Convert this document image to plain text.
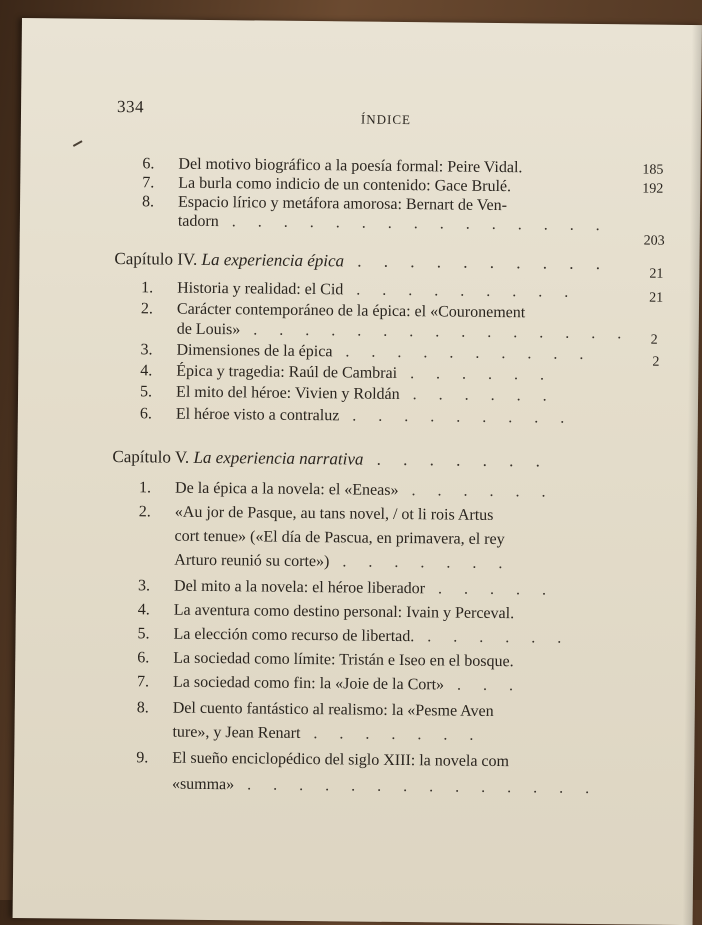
334
ÍNDICE
6. Del motivo biográfico a la poesía formal: Peire Vidal.	185
7. La burla como indicio de un contenido: Gace Brulé.	192
8. Espacio lírico y metáfora amorosa: Bernart de Ven-
tadorn . . . . . . . . . . . . . . .
203
Capítulo IV. La experiencia épica . . . . . . . . . .
21
1. Historia y realidad: el Cid . . . . . . . . .	21
2. Carácter contemporáneo de la épica: el «Couronement
de Louis» . . . . . . . . . . . . . . . 2
3. Dimensiones de la épica . . . . . . . . . .	2
4. Épica y tragedia: Raúl de Cambrai . . . . . .
5. El mito del héroe: Vivien y Roldán . . . . . .
6. El héroe visto a contraluz . . . . . . . . .
Capítulo V. La experiencia narrativa . . . . . . .
1. De la épica a la novela: el «Eneas» . . . . . .
2. «Au jor de Pasque, au tans novel, / ot li rois Artus
cort tenue» («El día de Pascua, en primavera, el rey
Arturo reunió su corte») . . . . . . .
3. Del mito a la novela: el héroe liberador . . . . .
4. La aventura como destino personal: Ivain y Perceval.
5. La elección como recurso de libertad. . . . . . .
6. La sociedad como límite: Tristán e Iseo en el bosque.
7. La sociedad como fin: la «Joie de la Cort» . . .
8. Del cuento fantástico al realismo: la «Pesme Aven
ture», y Jean Renart . . . . . . .
9. El sueño enciclopédico del siglo XIII: la novela com
«summa» . . . . . . . . . . . . . .
